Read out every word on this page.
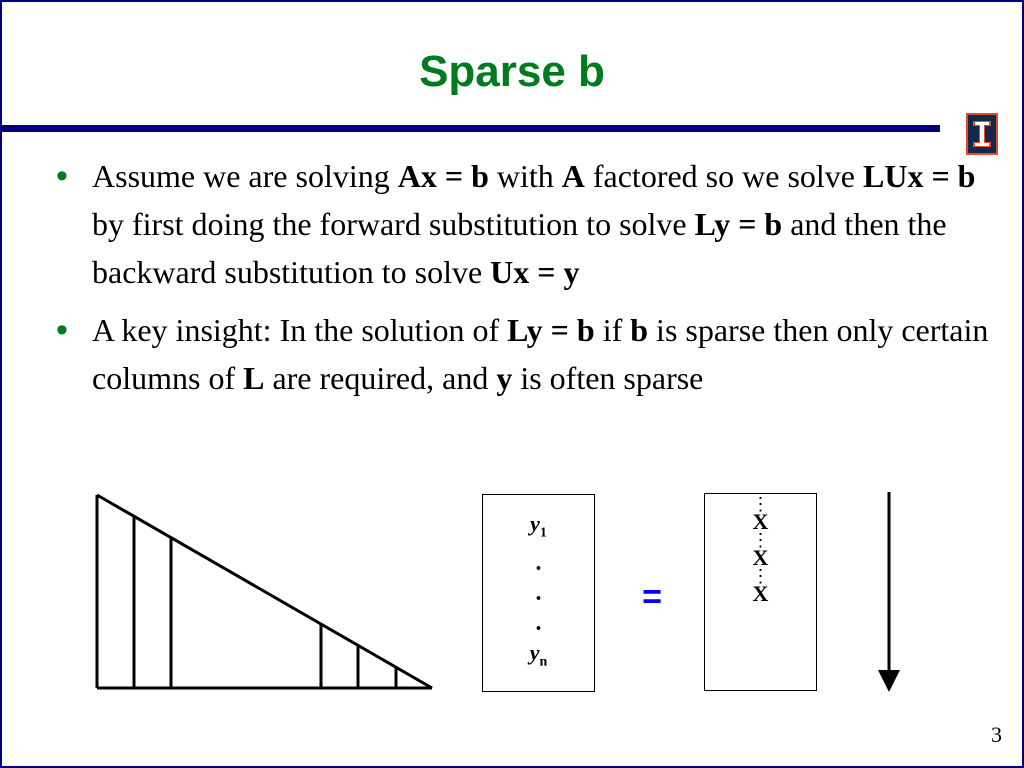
Sparse b
• Assume we are solving Ax = b with A factored so we solve LUx = b by first doing the forward substitution to solve Ly = b and then the backward substitution to solve Ux = y
• A key insight: In the solution of Ly = b if b is sparse then only certain columns of L are required, and y is often sparse
$y_1$
.
.
.
$y_n$
=
⋮
X
⋮
X
⋮
X
3
